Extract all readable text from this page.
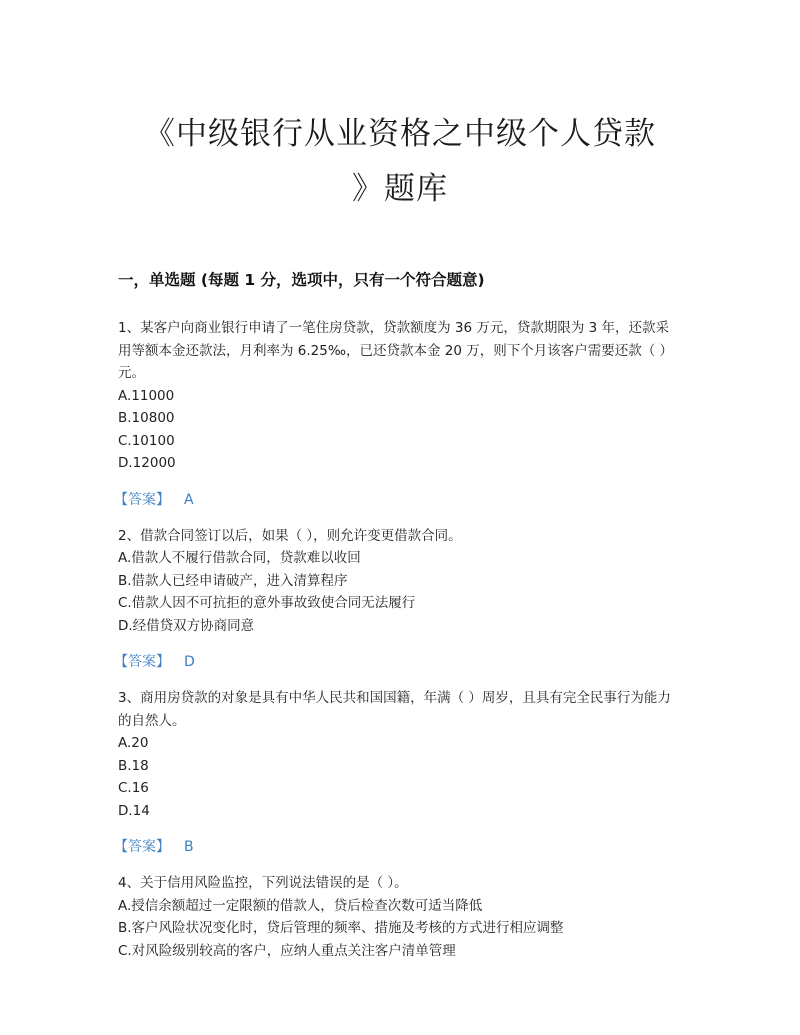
《中级银行从业资格之中级个人贷款
》题库
一，单选题 (每题 1 分，选项中，只有一个符合题意)
1、某客户向商业银行申请了一笔住房贷款，贷款额度为 36 万元，贷款期限为 3 年，还款采用等额本金还款法，月利率为 6.25‰，已还贷款本金 20 万，则下个月该客户需要还款（ ）元。
A.11000
B.10800
C.10100
D.12000
【答案】 A
2、借款合同签订以后，如果（ ），则允许变更借款合同。
A.借款人不履行借款合同，贷款难以收回
B.借款人已经申请破产，进入清算程序
C.借款人因不可抗拒的意外事故致使合同无法履行
D.经借贷双方协商同意
【答案】 D
3、商用房贷款的对象是具有中华人民共和国国籍，年满（ ）周岁，且具有完全民事行为能力的自然人。
A.20
B.18
C.16
D.14
【答案】 B
4、关于信用风险监控，下列说法错误的是（ ）。
A.授信余额超过一定限额的借款人，贷后检查次数可适当降低
B.客户风险状况变化时，贷后管理的频率、措施及考核的方式进行相应调整
C.对风险级别较高的客户，应纳人重点关注客户清单管理
